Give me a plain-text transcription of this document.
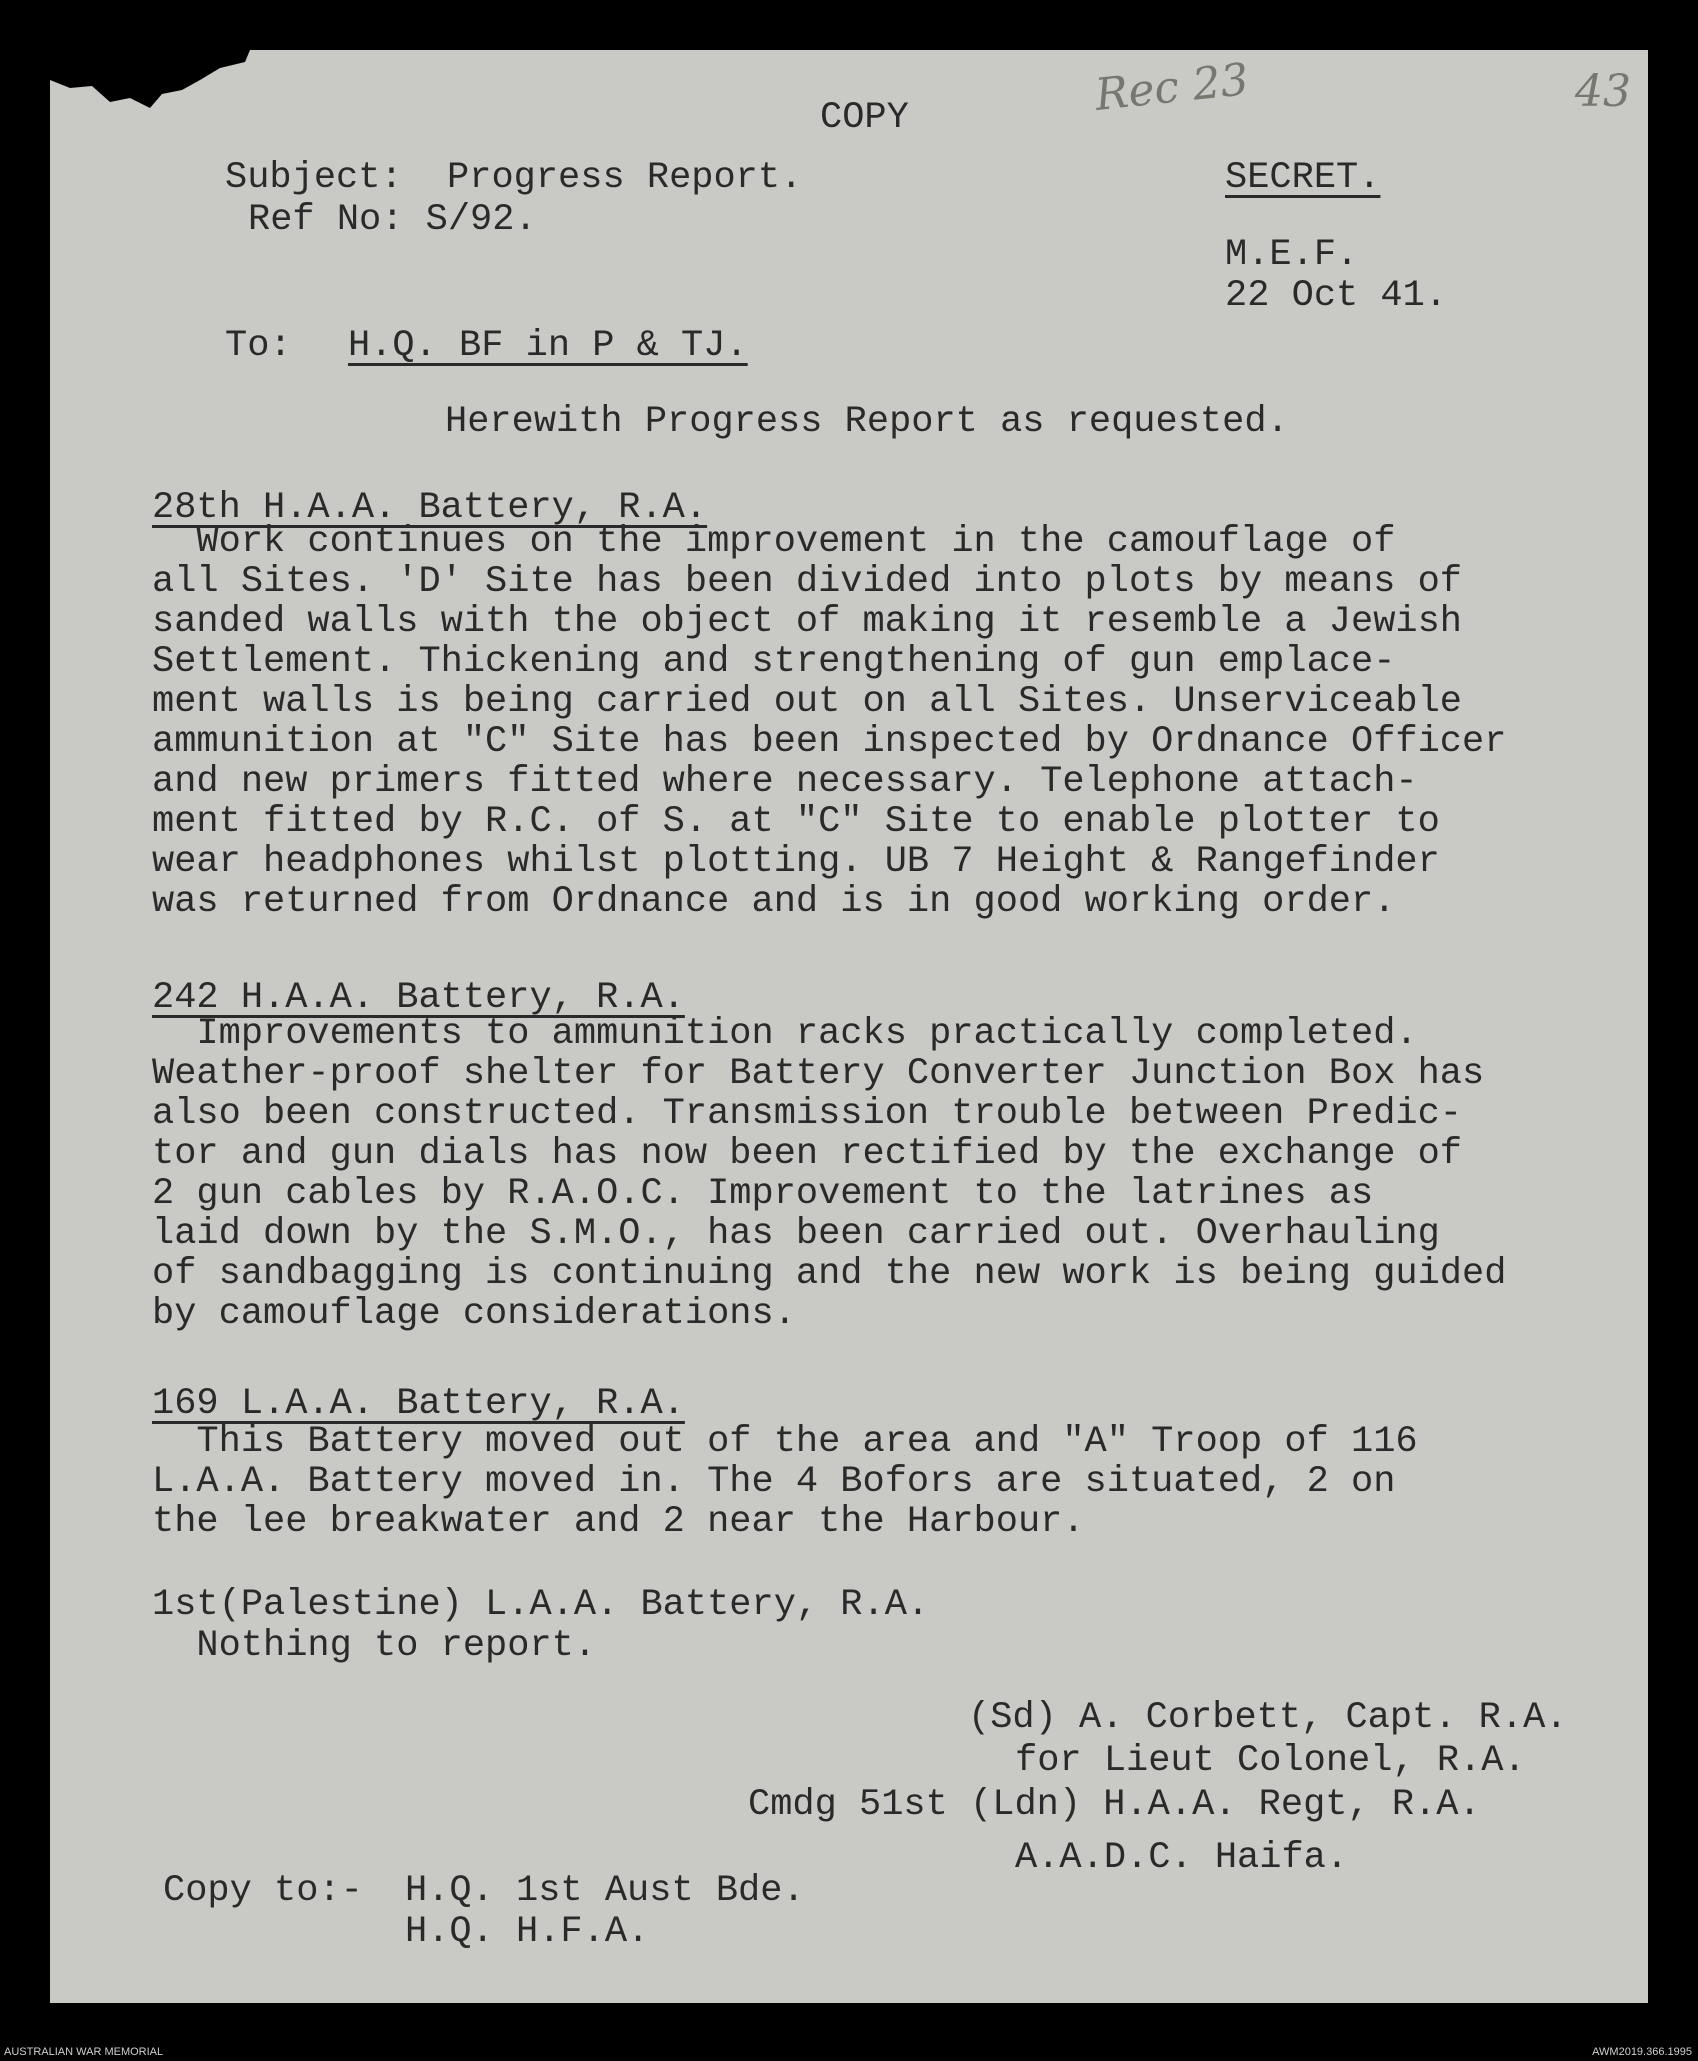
Rec 23	43
COPY
Subject:  Progress Report.
Ref No: S/92.
SECRET.
M.E.F.
22 Oct 41.
To: H.Q. BF in P & TJ.
Herewith Progress Report as requested.
28th H.A.A. Battery, R.A.
Work continues on the improvement in the camouflage of
all Sites. 'D' Site has been divided into plots by means of
sanded walls with the object of making it resemble a Jewish
Settlement. Thickening and strengthening of gun emplace-
ment walls is being carried out on all Sites. Unserviceable
ammunition at "C" Site has been inspected by Ordnance Officer
and new primers fitted where necessary. Telephone attach-
ment fitted by R.C. of S. at "C" Site to enable plotter to
wear headphones whilst plotting. UB 7 Height & Rangefinder
was returned from Ordnance and is in good working order.
242 H.A.A. Battery, R.A.
Improvements to ammunition racks practically completed.
Weather-proof shelter for Battery Converter Junction Box has
also been constructed. Transmission trouble between Predic-
tor and gun dials has now been rectified by the exchange of
2 gun cables by R.A.O.C. Improvement to the latrines as
laid down by the S.M.O., has been carried out. Overhauling
of sandbagging is continuing and the new work is being guided
by camouflage considerations.
169 L.A.A. Battery, R.A.
This Battery moved out of the area and "A" Troop of 116
L.A.A. Battery moved in. The 4 Bofors are situated, 2 on
the lee breakwater and 2 near the Harbour.
1st(Palestine) L.A.A. Battery, R.A.
Nothing to report.
(Sd) A. Corbett, Capt. R.A.
for Lieut Colonel, R.A.
Cmdg 51st (Ldn) H.A.A. Regt, R.A.
A.A.D.C. Haifa.
Copy to:- H.Q. 1st Aust Bde.
H.Q. H.F.A.
AUSTRALIAN WAR MEMORIAL	AWM2019.366.1995
